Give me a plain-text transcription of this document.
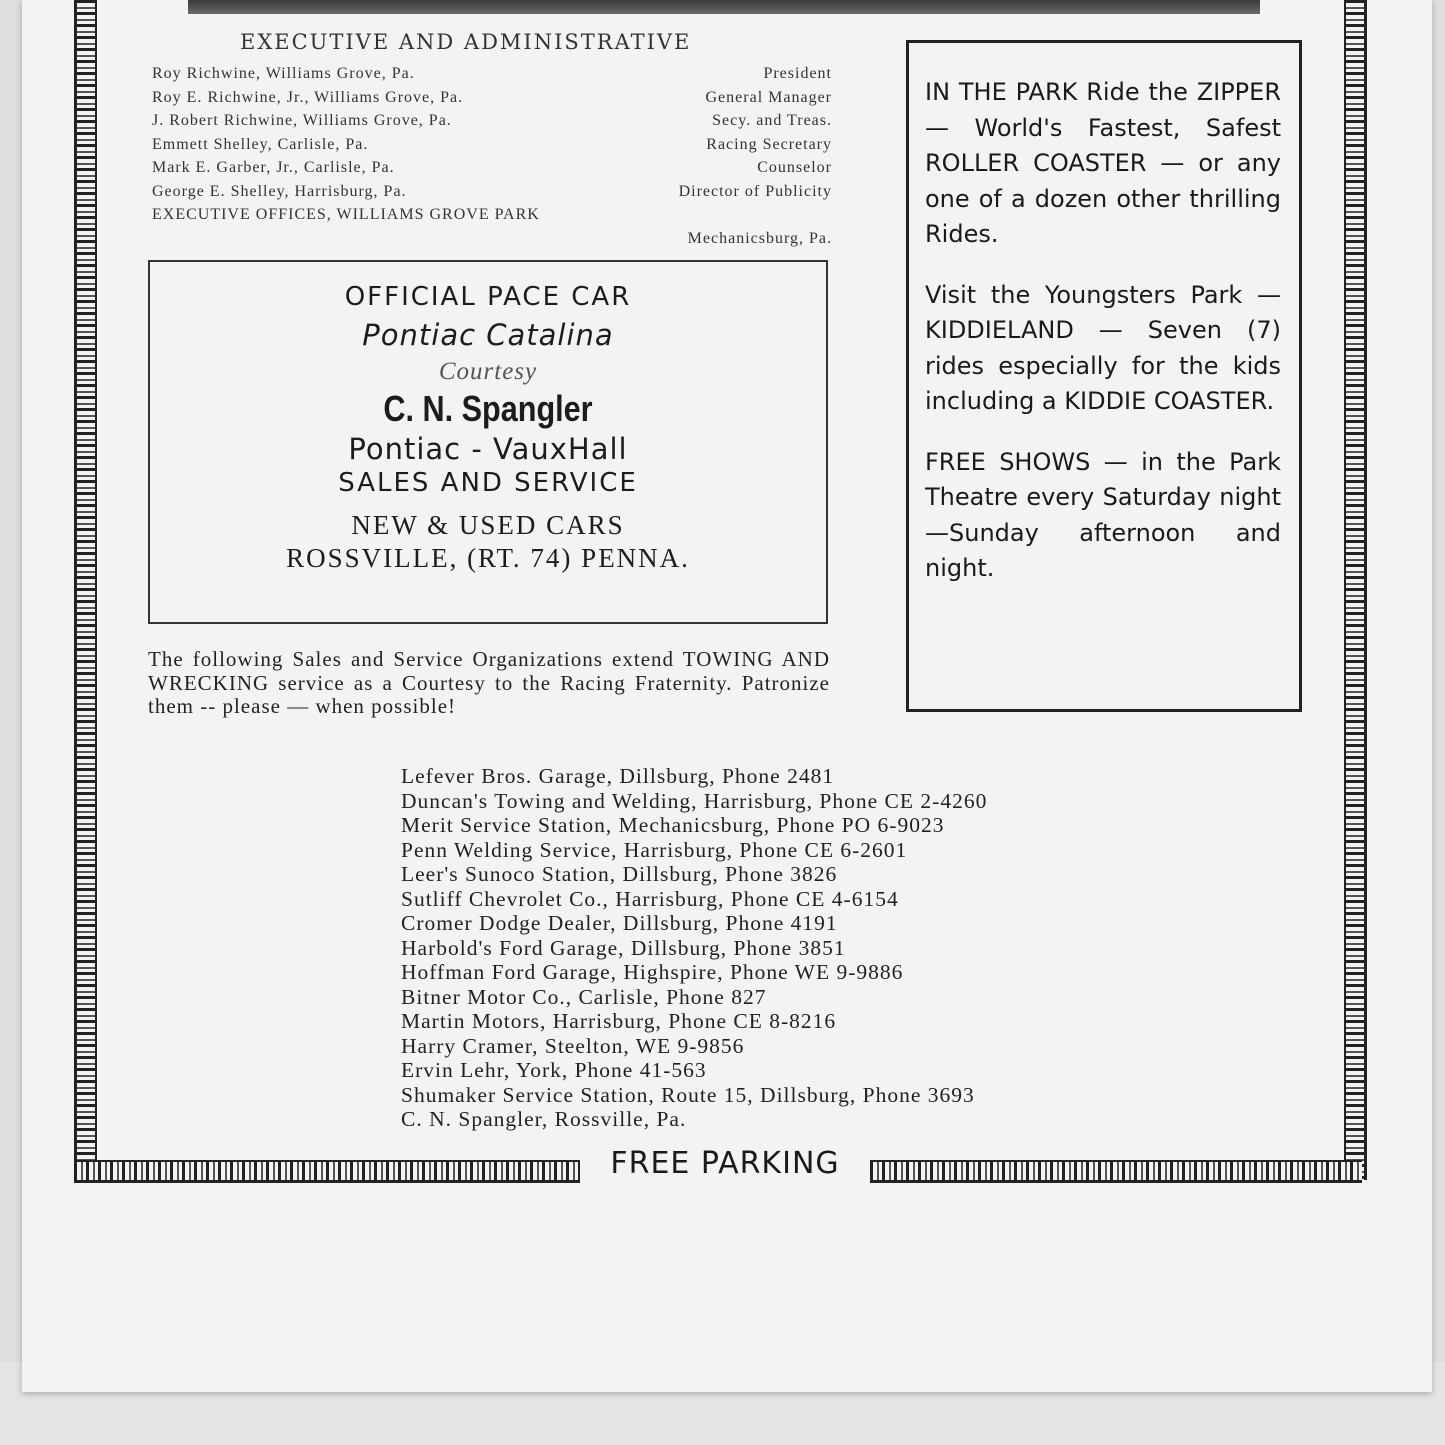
EXECUTIVE AND ADMINISTRATIVE
Roy Richwine, Williams Grove, Pa.	President
Roy E. Richwine, Jr., Williams Grove, Pa.	General Manager
J. Robert Richwine, Williams Grove, Pa.	Secy. and Treas.
Emmett Shelley, Carlisle, Pa.	Racing Secretary
Mark E. Garber, Jr., Carlisle, Pa.	Counselor
George E. Shelley, Harrisburg, Pa.	Director of Publicity
EXECUTIVE OFFICES, WILLIAMS GROVE PARK
Mechanicsburg, Pa.
OFFICIAL PACE CAR
Pontiac Catalina
Courtesy
C. N. Spangler
Pontiac - VauxHall
SALES AND SERVICE
NEW & USED CARS
ROSSVILLE, (RT. 74) PENNA.

IN THE PARK Ride the ZIPPER — World's Fastest, Safest ROLLER COASTER — or any one of a dozen other thrilling Rides.

Visit the Youngsters Park — KIDDIELAND — Seven (7) rides especially for the kids including a KIDDIE COASTER.

FREE SHOWS — in the Park Theatre every Saturday night—Sunday afternoon and night.

The following Sales and Service Organizations extend TOWING AND WRECKING service as a Courtesy to the Racing Fraternity. Patronize them -- please — when possible!
Lefever Bros. Garage, Dillsburg, Phone 2481
Duncan's Towing and Welding, Harrisburg, Phone CE 2-4260
Merit Service Station, Mechanicsburg, Phone PO 6-9023
Penn Welding Service, Harrisburg, Phone CE 6-2601
Leer's Sunoco Station, Dillsburg, Phone 3826
Sutliff Chevrolet Co., Harrisburg, Phone CE 4-6154
Cromer Dodge Dealer, Dillsburg, Phone 4191
Harbold's Ford Garage, Dillsburg, Phone 3851
Hoffman Ford Garage, Highspire, Phone WE 9-9886
Bitner Motor Co., Carlisle, Phone 827
Martin Motors, Harrisburg, Phone CE 8-8216
Harry Cramer, Steelton, WE 9-9856
Ervin Lehr, York, Phone 41-563
Shumaker Service Station, Route 15, Dillsburg, Phone 3693
C. N. Spangler, Rossville, Pa.
FREE PARKING
